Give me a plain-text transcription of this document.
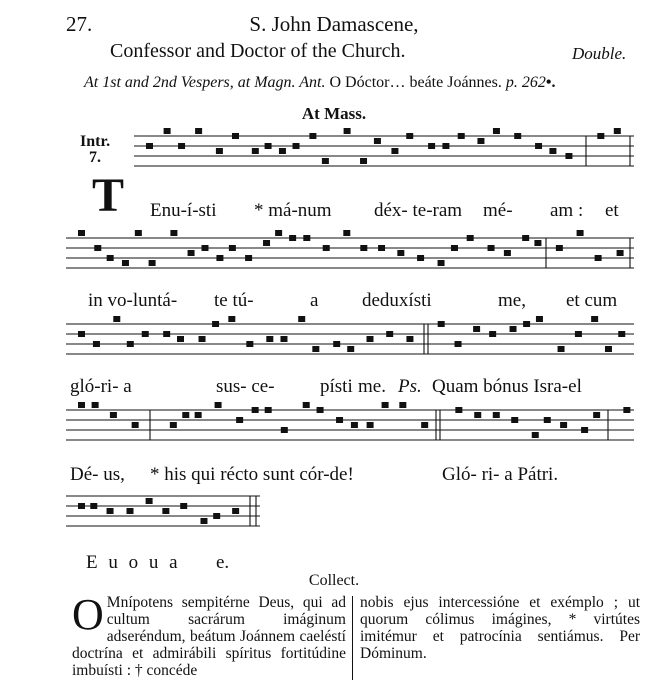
27.	S. John Damascene,
Confessor and Doctor of the Church.	Double.
At 1st and 2nd Vespers, at Magn. Ant. O Dóctor… beáte Joánnes. p. 262•.
At Mass.
Intr.
7.
T Enu-í-sti * má-num déx- te-ram mé- am : et
in vo-luntá- te tú-	a deduxísti	me, et cum
gló-ri- a	sus- ce- písti me. Ps. Quam bónus Isra-el
Dé- us, * his qui récto sunt cór-de!	Gló- ri- a Pátri.
E u o u a e.
Collect.
O Mnípotens sempitérne Deus, qui ad cultum sacrárum imáginum adseréndum, beátum Joánnem caeléstí doctrína et admirábili spíritus fortitúdine imbuísti : † concéde
nobis ejus intercessióne et exémplo ; ut quorum cólimus imágines, * virtútes imitémur et patrocínia sentiámus. Per Dóminum.
